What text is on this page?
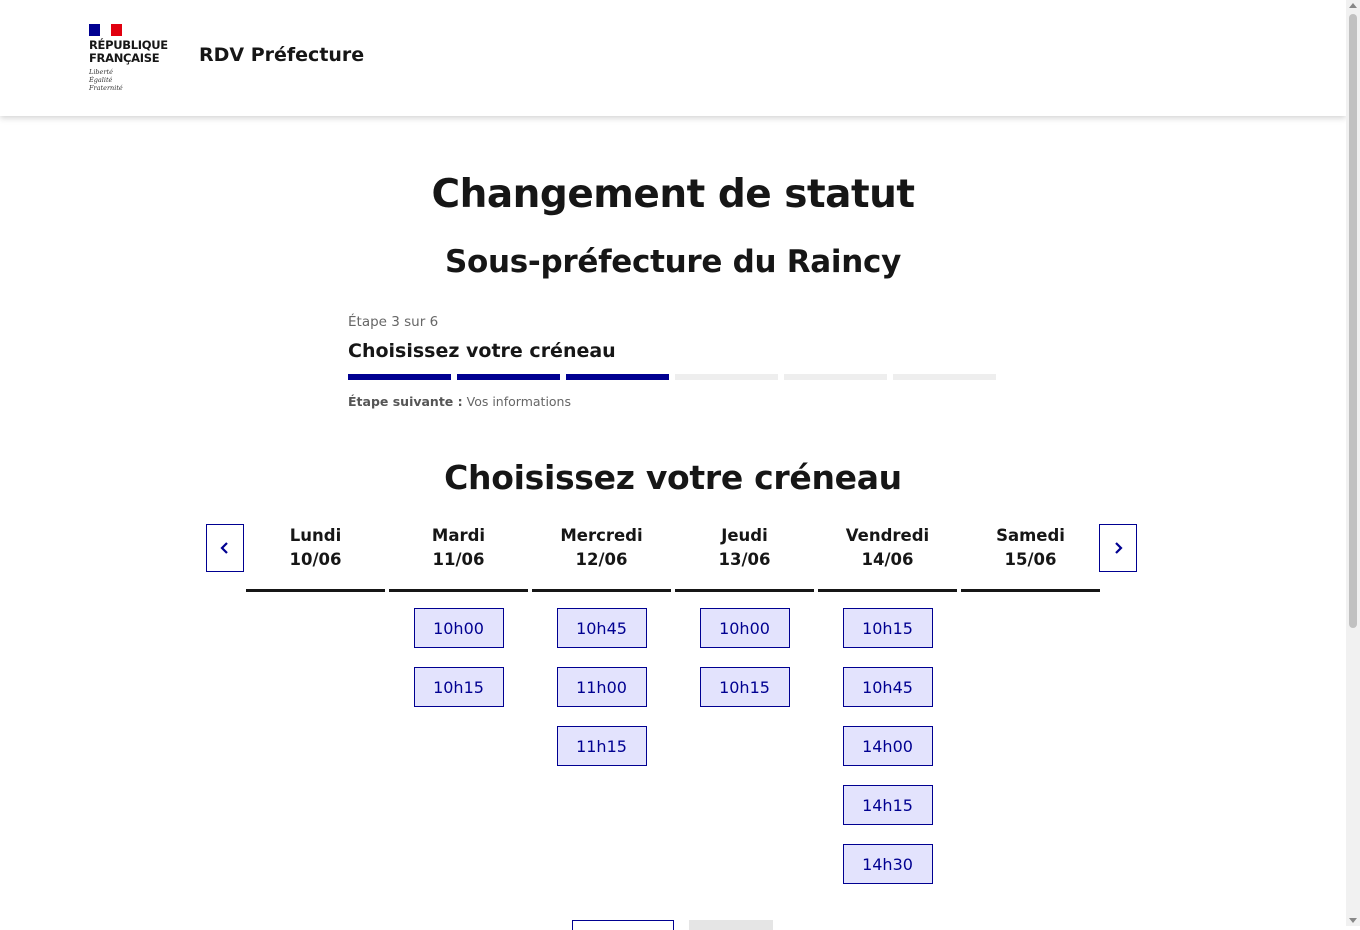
RÉPUBLIQUE
FRANÇAISE
Liberté
Égalité
Fraternité
RDV Préfecture
Changement de statut
Sous-préfecture du Raincy
Étape 3 sur 6
Choisissez votre créneau
Étape suivante : Vos informations
Choisissez votre créneau
Lundi
10/06
Mardi
11/06
10h00
10h15
Mercredi
12/06
10h45
11h00
11h15
Jeudi
13/06
10h00
10h15
Vendredi
14/06
10h15
10h45
14h00
14h15
14h30
Samedi
15/06
